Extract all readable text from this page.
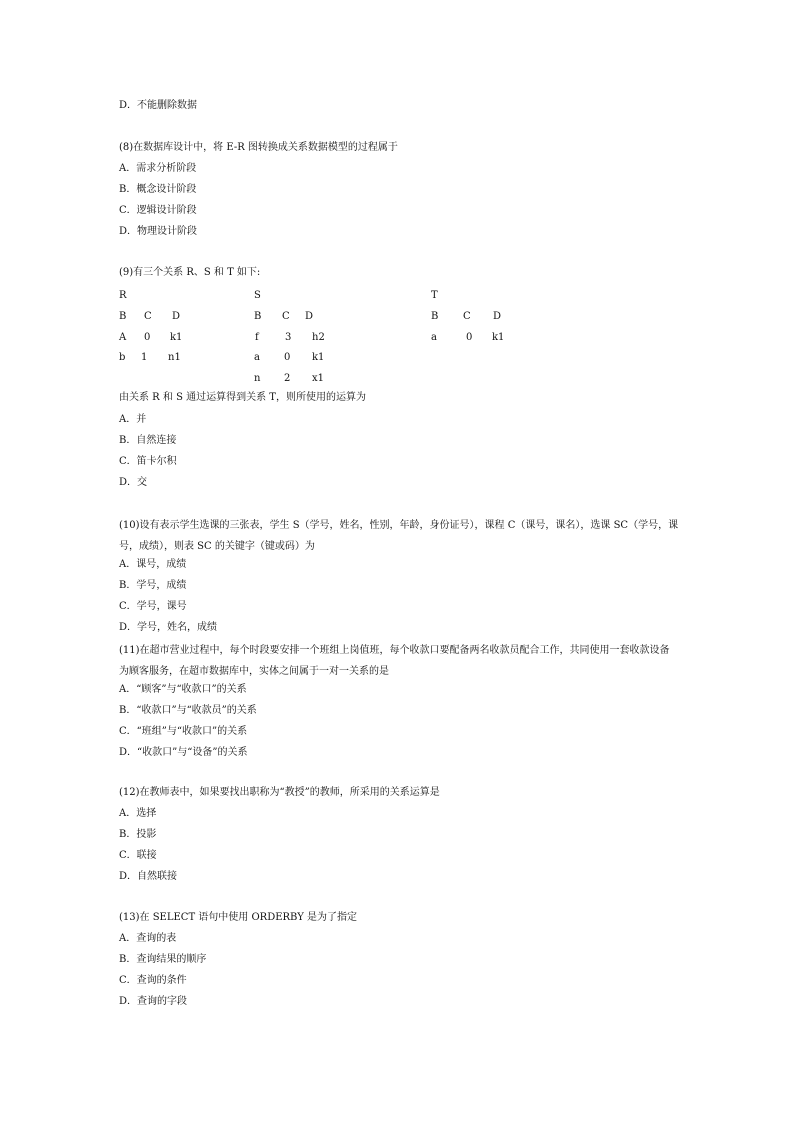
D．不能删除数据
(8)在数据库设计中，将 E-R 图转换成关系数据模型的过程属于
A．需求分析阶段
B．概念设计阶段
C．逻辑设计阶段
D．物理设计阶段
(9)有三个关系 R、S 和 T 如下:
R
B C D
A 0 k1
b 1 n1
S
B C D
f	3 h2
a 0 k1
n 2 x1
T
B C D
a	0 k1
由关系 R 和 S 通过运算得到关系 T，则所使用的运算为
A．并
B．自然连接
C．笛卡尔积
D．交
(10)设有表示学生选课的三张表，学生 S（学号，姓名，性别，年龄，身份证号），课程 C（课号，课名），选课 SC（学号，课号，成绩），则表 SC 的关键字（键或码）为
A．课号，成绩
B．学号，成绩
C．学号，课号
D．学号，姓名，成绩
(11)在超市营业过程中，每个时段要安排一个班组上岗值班，每个收款口要配备两名收款员配合工作，共同使用一套收款设备为顾客服务，在超市数据库中，实体之间属于一对一关系的是
A．“顾客”与“收款口”的关系
B．“收款口”与“收款员”的关系
C．“班组”与“收款口”的关系
D．“收款口”与“设备”的关系
(12)在教师表中，如果要找出职称为“教授”的教师，所采用的关系运算是
A．选择
B．投影
C．联接
D．自然联接
(13)在 SELECT 语句中使用 ORDERBY 是为了指定
A．查询的表
B．查询结果的顺序
C．查询的条件
D．查询的字段
